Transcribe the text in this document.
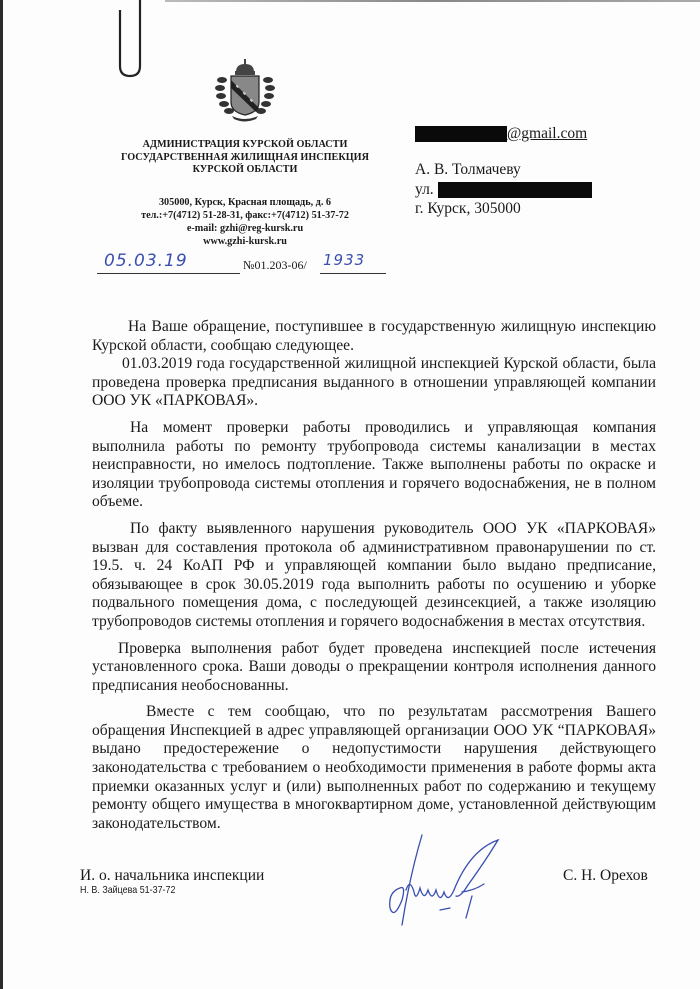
АДМИНИСТРАЦИЯ КУРСКОЙ ОБЛАСТИ
ГОСУДАРСТВЕННАЯ ЖИЛИЩНАЯ ИНСПЕКЦИЯ
КУРСКОЙ ОБЛАСТИ
305000, Курск, Красная площадь, д. 6
тел.:+7(4712) 51-28-31, факс:+7(4712) 51-37-72
e-mail: gzhi@reg-kursk.ru
www.gzhi-kursk.ru
05.03.19	№01.203-06/ 1933
@gmail.com
А. В. Толмачеву
ул.
г. Курск, 305000

На Ваше обращение, поступившее в государственную жилищную инспекцию Курской области, сообщаю следующее.

01.03.2019 года государственной жилищной инспекцией Курской области, была проведена проверка предписания выданного в отношении управляющей компании ООО УК «ПАРКОВАЯ».

На момент проверки работы проводились и управляющая компания выполнила работы по ремонту трубопровода системы канализации в местах неисправности, но имелось подтопление. Также выполнены работы по окраске и изоляции трубопровода системы отопления и горячего водоснабжения, не в полном объеме.

По факту выявленного нарушения руководитель ООО УК «ПАРКОВАЯ» вызван для составления протокола об административном правонарушении по ст. 19.5. ч. 24 КоАП РФ и управляющей компании было выдано предписание, обязывающее в срок 30.05.2019 года выполнить работы по осушению и уборке подвального помещения дома, с последующей дезинсекцией, а также изоляцию трубопроводов системы отопления и горячего водоснабжения в местах отсутствия.

Проверка выполнения работ будет проведена инспекцией после истечения установленного срока. Ваши доводы о прекращении контроля исполнения данного предписания необоснованны.

Вместе с тем сообщаю, что по результатам рассмотрения Вашего обращения Инспекцией в адрес управляющей организации ООО УК “ПАРКОВАЯ» выдано предостережение о недопустимости нарушения действующего законодательства с требованием о необходимости применения в работе формы акта приемки оказанных услуг и (или) выполненных работ по содержанию и текущему ремонту общего имущества в многоквартирном доме, установленной действующим законодательством.

И. о. начальника инспекции
Н. В. Зайцева 51-37-72
С. Н. Орехов
